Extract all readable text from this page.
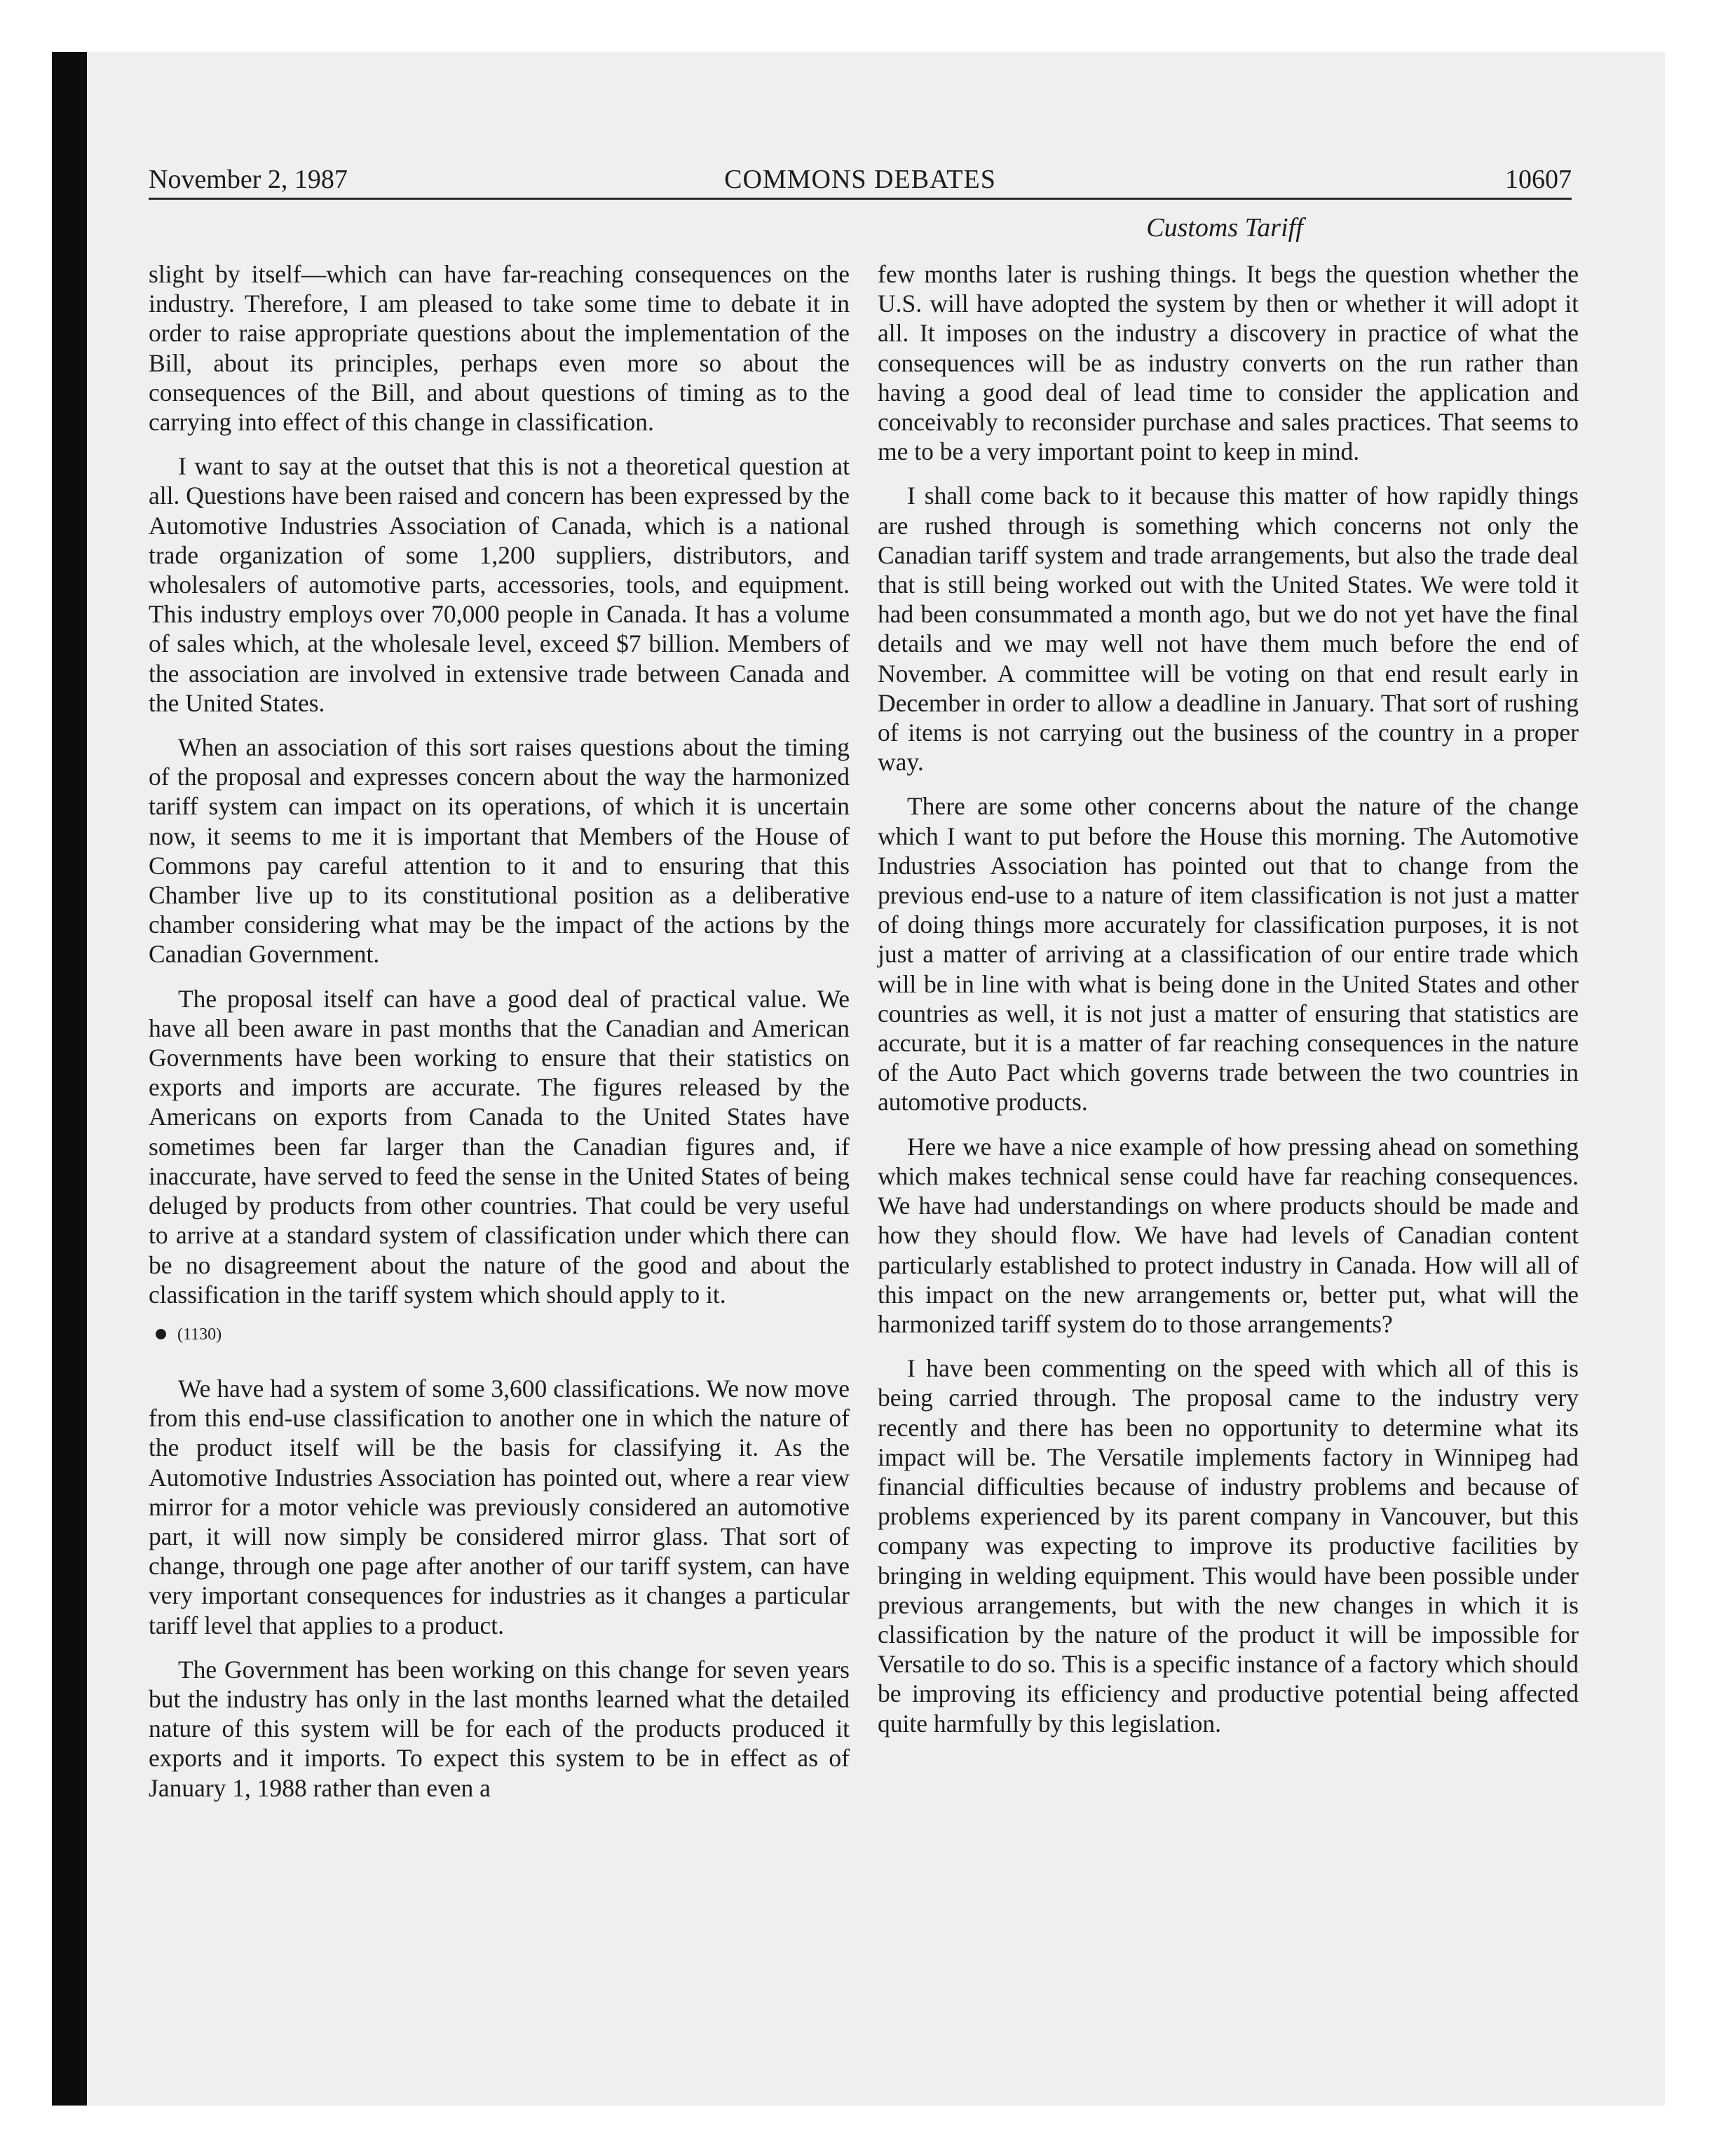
November 2, 1987	COMMONS DEBATES	10607
Customs Tariff

slight by itself—which can have far-reaching consequences on the industry. Therefore, I am pleased to take some time to debate it in order to raise appropriate questions about the implementation of the Bill, about its principles, perhaps even more so about the consequences of the Bill, and about questions of timing as to the carrying into effect of this change in classification.

I want to say at the outset that this is not a theoretical question at all. Questions have been raised and concern has been expressed by the Automotive Industries Association of Canada, which is a national trade organization of some 1,200 suppliers, distributors, and wholesalers of automotive parts, accessories, tools, and equipment. This industry employs over 70,000 people in Canada. It has a volume of sales which, at the wholesale level, exceed $7 billion. Members of the association are involved in extensive trade between Canada and the United States.

When an association of this sort raises questions about the timing of the proposal and expresses concern about the way the harmonized tariff system can impact on its operations, of which it is uncertain now, it seems to me it is important that Members of the House of Commons pay careful attention to it and to ensuring that this Chamber live up to its constitutional position as a deliberative chamber considering what may be the impact of the actions by the Canadian Government.

The proposal itself can have a good deal of practical value. We have all been aware in past months that the Canadian and American Governments have been working to ensure that their statistics on exports and imports are accurate. The figures released by the Americans on exports from Canada to the United States have sometimes been far larger than the Canadian figures and, if inaccurate, have served to feed the sense in the United States of being deluged by products from other countries. That could be very useful to arrive at a standard system of classification under which there can be no disagreement about the nature of the good and about the classification in the tariff system which should apply to it.

(1130)

We have had a system of some 3,600 classifications. We now move from this end-use classification to another one in which the nature of the product itself will be the basis for classifying it. As the Automotive Industries Association has pointed out, where a rear view mirror for a motor vehicle was previously considered an automotive part, it will now simply be considered mirror glass. That sort of change, through one page after another of our tariff system, can have very important consequences for industries as it changes a particular tariff level that applies to a product.

The Government has been working on this change for seven years but the industry has only in the last months learned what the detailed nature of this system will be for each of the products produced it exports and it imports. To expect this system to be in effect as of January 1, 1988 rather than even a

few months later is rushing things. It begs the question whether the U.S. will have adopted the system by then or whether it will adopt it all. It imposes on the industry a discovery in practice of what the consequences will be as industry converts on the run rather than having a good deal of lead time to consider the application and conceivably to reconsider purchase and sales practices. That seems to me to be a very important point to keep in mind.

I shall come back to it because this matter of how rapidly things are rushed through is something which concerns not only the Canadian tariff system and trade arrangements, but also the trade deal that is still being worked out with the United States. We were told it had been consummated a month ago, but we do not yet have the final details and we may well not have them much before the end of November. A committee will be voting on that end result early in December in order to allow a deadline in January. That sort of rushing of items is not carrying out the business of the country in a proper way.

There are some other concerns about the nature of the change which I want to put before the House this morning. The Automotive Industries Association has pointed out that to change from the previous end-use to a nature of item classification is not just a matter of doing things more accurately for classification purposes, it is not just a matter of arriving at a classification of our entire trade which will be in line with what is being done in the United States and other countries as well, it is not just a matter of ensuring that statistics are accurate, but it is a matter of far reaching consequences in the nature of the Auto Pact which governs trade between the two countries in automotive products.

Here we have a nice example of how pressing ahead on something which makes technical sense could have far reaching consequences. We have had understandings on where products should be made and how they should flow. We have had levels of Canadian content particularly established to protect industry in Canada. How will all of this impact on the new arrangements or, better put, what will the harmonized tariff system do to those arrangements?

I have been commenting on the speed with which all of this is being carried through. The proposal came to the industry very recently and there has been no opportunity to determine what its impact will be. The Versatile implements factory in Winnipeg had financial difficulties because of industry problems and because of problems experienced by its parent company in Vancouver, but this company was expecting to improve its productive facilities by bringing in welding equipment. This would have been possible under previous arrangements, but with the new changes in which it is classification by the nature of the product it will be impossible for Versatile to do so. This is a specific instance of a factory which should be improving its efficiency and productive potential being affected quite harmfully by this legislation.
